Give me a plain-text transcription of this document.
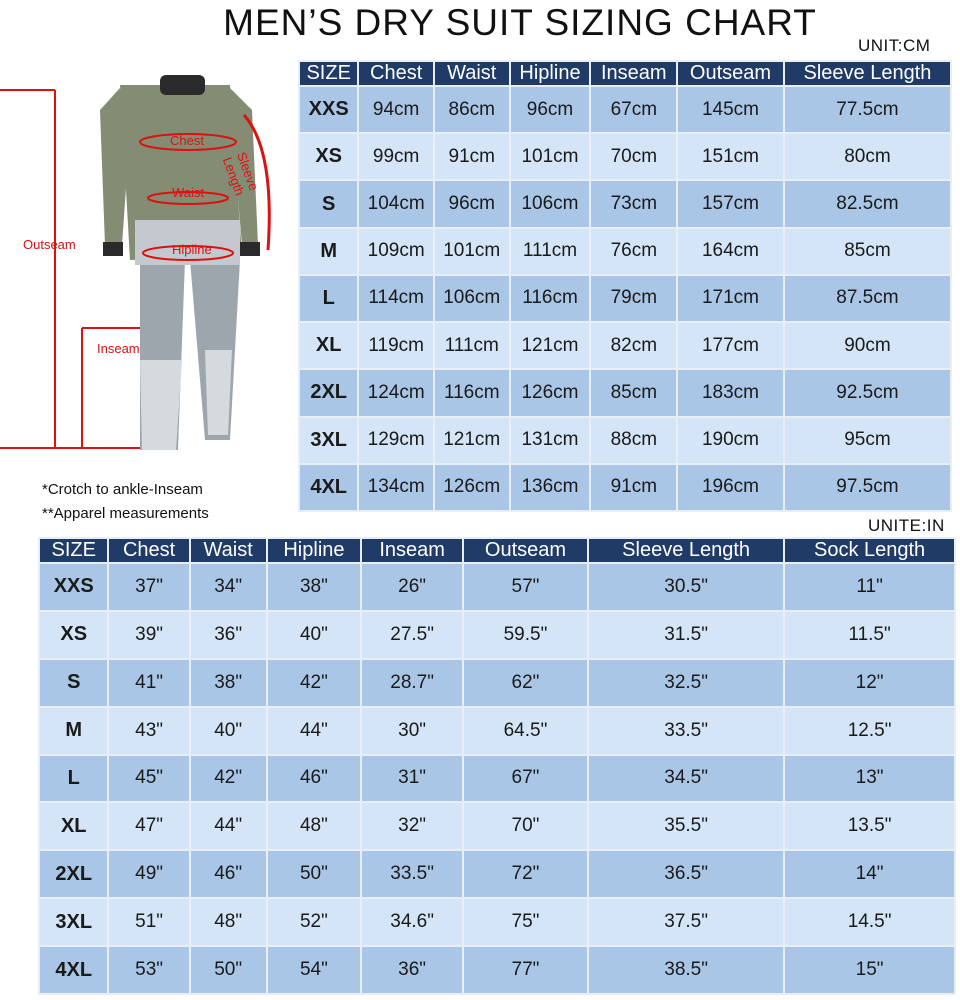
MEN’S DRY SUIT SIZING CHART
UNIT:CM
UNITE:IN
Chest
Waist
Hipline
Sleeve Length
Outseam
Inseam
*Crotch to ankle-Inseam
**Apparel measurements
SIZE	Chest	Waist	Hipline	Inseam	Outseam	Sleeve Length
XXS	94cm	86cm	96cm	67cm	145cm	77.5cm
XS	99cm	91cm	101cm	70cm	151cm	80cm
S	104cm	96cm	106cm	73cm	157cm	82.5cm
M	109cm	101cm	111cm	76cm	164cm	85cm
L	114cm	106cm	116cm	79cm	171cm	87.5cm
XL	119cm	111cm	121cm	82cm	177cm	90cm
2XL	124cm	116cm	126cm	85cm	183cm	92.5cm
3XL	129cm	121cm	131cm	88cm	190cm	95cm
4XL	134cm	126cm	136cm	91cm	196cm	97.5cm
SIZE	Chest	Waist	Hipline	Inseam	Outseam	Sleeve Length	Sock Length
XXS	37"	34"	38"	26"	57"	30.5"	11"
XS	39"	36"	40"	27.5"	59.5"	31.5"	11.5"
S	41"	38"	42"	28.7"	62"	32.5"	12"
M	43"	40"	44"	30"	64.5"	33.5"	12.5"
L	45"	42"	46"	31"	67"	34.5"	13"
XL	47"	44"	48"	32"	70"	35.5"	13.5"
2XL	49"	46"	50"	33.5"	72"	36.5"	14"
3XL	51"	48"	52"	34.6"	75"	37.5"	14.5"
4XL	53"	50"	54"	36"	77"	38.5"	15"
